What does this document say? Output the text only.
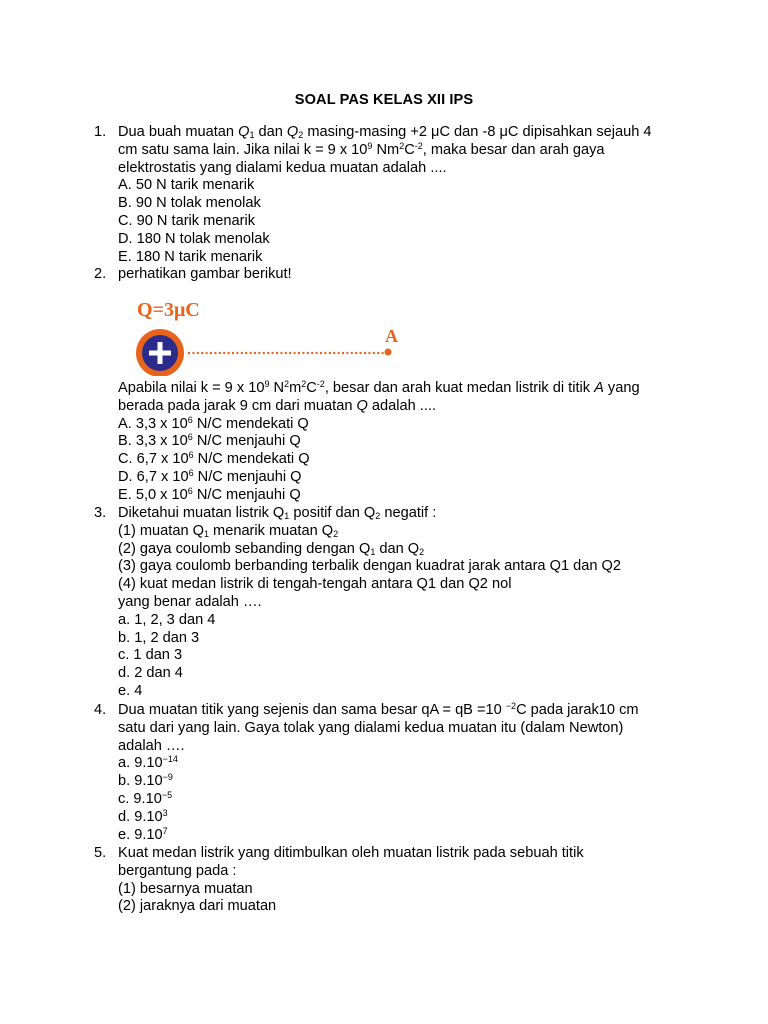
SOAL PAS KELAS XII IPS
1. Dua buah muatan $Q_1$ dan $Q_2$ masing-masing +2 μC dan -8 μC dipisahkan sejauh 4
cm satu sama lain. Jika nilai k = 9 x $10^9$ $Nm^2C^{-2}$, maka besar dan arah gaya
elektrostatis yang dialami kedua muatan adalah ....
A. 50 N tarik menarik
B. 90 N tolak menolak
C. 90 N tarik menarik
D. 180 N tolak menolak
E. 180 N tarik menarik
2. perhatikan gambar berikut!
Q=3μC
A
Apabila nilai k = 9 x $10^9$ $N^2m^2C^{-2}$, besar dan arah kuat medan listrik di titik A yang
berada pada jarak 9 cm dari muatan Q adalah ....
A. 3,3 x $10^6$ N/C mendekati Q
B. 3,3 x $10^6$ N/C menjauhi Q
C. 6,7 x $10^6$ N/C mendekati Q
D. 6,7 x $10^6$ N/C menjauhi Q
E. 5,0 x $10^6$ N/C menjauhi Q
3. Diketahui muatan listrik $Q_1$ positif dan $Q_2$ negatif :
(1) muatan $Q_1$ menarik muatan $Q_2$
(2) gaya coulomb sebanding dengan $Q_1$ dan $Q_2$
(3) gaya coulomb berbanding terbalik dengan kuadrat jarak antara Q1 dan Q2
(4) kuat medan listrik di tengah-tengah antara Q1 dan Q2 nol
yang benar adalah ….
a. 1, 2, 3 dan 4
b. 1, 2 dan 3
c. 1 dan 3
d. 2 dan 4
e. 4
4. Dua muatan titik yang sejenis dan sama besar qA = qB =10 $^{-2}$C pada jarak10 cm
satu dari yang lain. Gaya tolak yang dialami kedua muatan itu (dalam Newton)
adalah ….
a. $9.10^{-14}$
b. $9.10^{-9}$
c. $9.10^{-5}$
d. 9.10$^3$
e. 9.10$^7$
5. Kuat medan listrik yang ditimbulkan oleh muatan listrik pada sebuah titik
bergantung pada :
(1) besarnya muatan
(2) jaraknya dari muatan
